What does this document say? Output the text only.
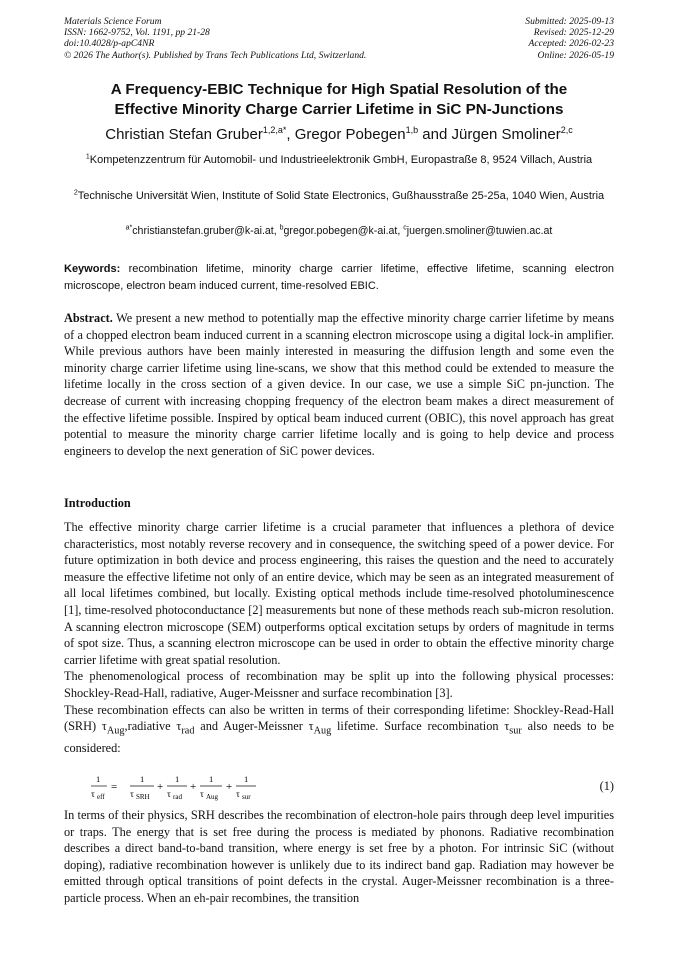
Materials Science Forum
ISSN: 1662-9752, Vol. 1191, pp 21-28
doi:10.4028/p-apC4NR
© 2026 The Author(s). Published by Trans Tech Publications Ltd, Switzerland.
Submitted: 2025-09-13
Revised: 2025-12-29
Accepted: 2026-02-23
Online: 2026-05-19
A Frequency-EBIC Technique for High Spatial Resolution of the
Effective Minority Charge Carrier Lifetime in SiC PN-Junctions
Christian Stefan Gruber$^{1,2,a*}$, Gregor Pobegen$^{1,b}$ and Jürgen Smoliner$^{2,c}$
$^1$Kompetenzzentrum für Automobil- und Industrieelektronik GmbH, Europastraße 8, 9524 Villach, Austria
$^2$Technische Universität Wien, Institute of Solid State Electronics, Gußhausstraße 25-25a, 1040 Wien, Austria
$^{a*}$christianstefan.gruber@k-ai.at, $^b$gregor.pobegen@k-ai.at, $^c$juergen.smoliner@tuwien.ac.at
Keywords: recombination lifetime, minority charge carrier lifetime, effective lifetime, scanning electron microscope, electron beam induced current, time-resolved EBIC.
Abstract. We present a new method to potentially map the effective minority charge carrier lifetime by means of a chopped electron beam induced current in a scanning electron microscope using a digital lock-in amplifier. While previous authors have been mainly interested in measuring the diffusion length and some even the minority charge carrier lifetime using line-scans, we show that this method could be extended to measure the lifetime locally in the cross section of a given device. In our case, we use a simple SiC pn-junction. The decrease of current with increasing chopping frequency of the electron beam makes a direct measurement of the effective lifetime possible. Inspired by optical beam induced current (OBIC), this novel approach has great potential to measure the minority charge carrier lifetime locally and is going to help device and process engineers to develop the next generation of SiC power devices.
Introduction

The effective minority charge carrier lifetime is a crucial parameter that influences a plethora of device characteristics, most notably reverse recovery and in consequence, the switching speed of a power device. For future optimization in both device and process engineering, this raises the question and the need to accurately measure the effective lifetime not only of an entire device, which may be seen as an integrated measurement of all local lifetimes combined, but locally. Existing optical methods include time-resolved photoluminescence [1], time-resolved photoconductance [2] measurements but none of these methods reach sub-micron resolution. A scanning electron microscope (SEM) outperforms optical excitation setups by orders of magnitude in terms of spot size. Thus, a scanning electron microscope can be used in order to obtain the effective minority charge carrier lifetime with great spatial resolution.

The phenomenological process of recombination may be split up into the following physical processes: Shockley-Read-Hall, radiative, Auger-Meissner and surface recombination [3].

These recombination effects can also be written in terms of their corresponding lifetime: Shockley-Read-Hall (SRH) $\tau_{Aug},radiative$ $\tau_{rad}$ and Auger-Meissner $\tau_{Aug}$ lifetime. Surface recombination $\tau_{sur}$ also needs to be considered:

1
τ eff
=
1
τ SRH
+
1
τ rad
+
1
τ Aug
+
1
τ sur
(1)
In terms of their physics, SRH describes the recombination of electron-hole pairs through deep level impurities or traps. The energy that is set free during the process is mediated by phonons. Radiative recombination describes a direct band-to-band transition, where energy is set free by a photon. For intrinsic SiC (without doping), radiative recombination however is unlikely due to its indirect band gap. Radiation may however be emitted through optical transitions of point defects in the crystal. Auger-Meissner recombination is a three-particle process. When an eh-pair recombines, the transition
